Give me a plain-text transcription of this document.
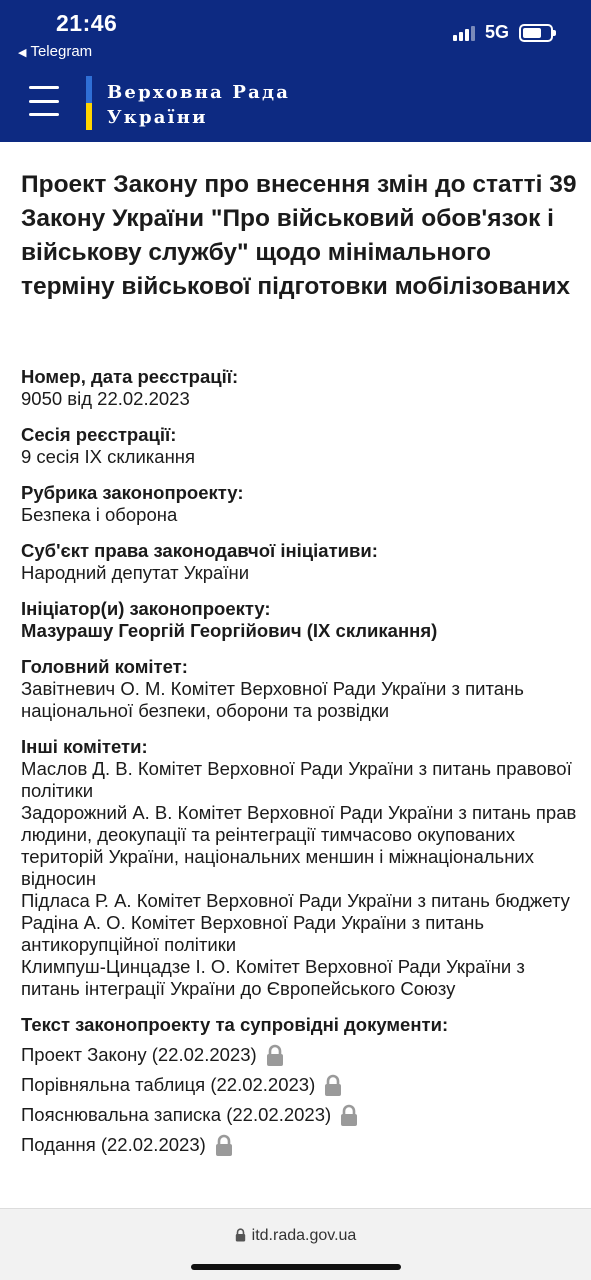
21:46
◀ Telegram
5G
Верховна Рада
України
Проект Закону про внесення змін до статті 39 Закону України "Про військовий обов'язок і військову службу" щодо мінімального терміну військової підготовки мобілізованих
Номер, дата реєстрації:
9050 від 22.02.2023
Сесія реєстрації:
9 сесія IX скликання
Рубрика законопроекту:
Безпека і оборона
Суб'єкт права законодавчої ініціативи:
Народний депутат України
Ініціатор(и) законопроекту:
Мазурашу Георгій Георгійович (IX скликання)
Головний комітет:
Завітневич О. М. Комітет Верховної Ради України з питань національної безпеки, оборони та розвідки
Інші комітети:
Маслов Д. В. Комітет Верховної Ради України з питань правової політики
Задорожний А. В. Комітет Верховної Ради України з питань прав людини, деокупації та реінтеграції тимчасово окупованих територій України, національних меншин і міжнаціональних відносин
Підласа Р. А. Комітет Верховної Ради України з питань бюджету
Радіна А. О. Комітет Верховної Ради України з питань антикорупційної політики
Климпуш-Цинцадзе І. О. Комітет Верховної Ради України з питань інтеграції України до Європейського Союзу
Текст законопроекту та супровідні документи:
Проект Закону (22.02.2023)
Порівняльна таблиця (22.02.2023)
Пояснювальна записка (22.02.2023)
Подання (22.02.2023)
itd.rada.gov.ua
